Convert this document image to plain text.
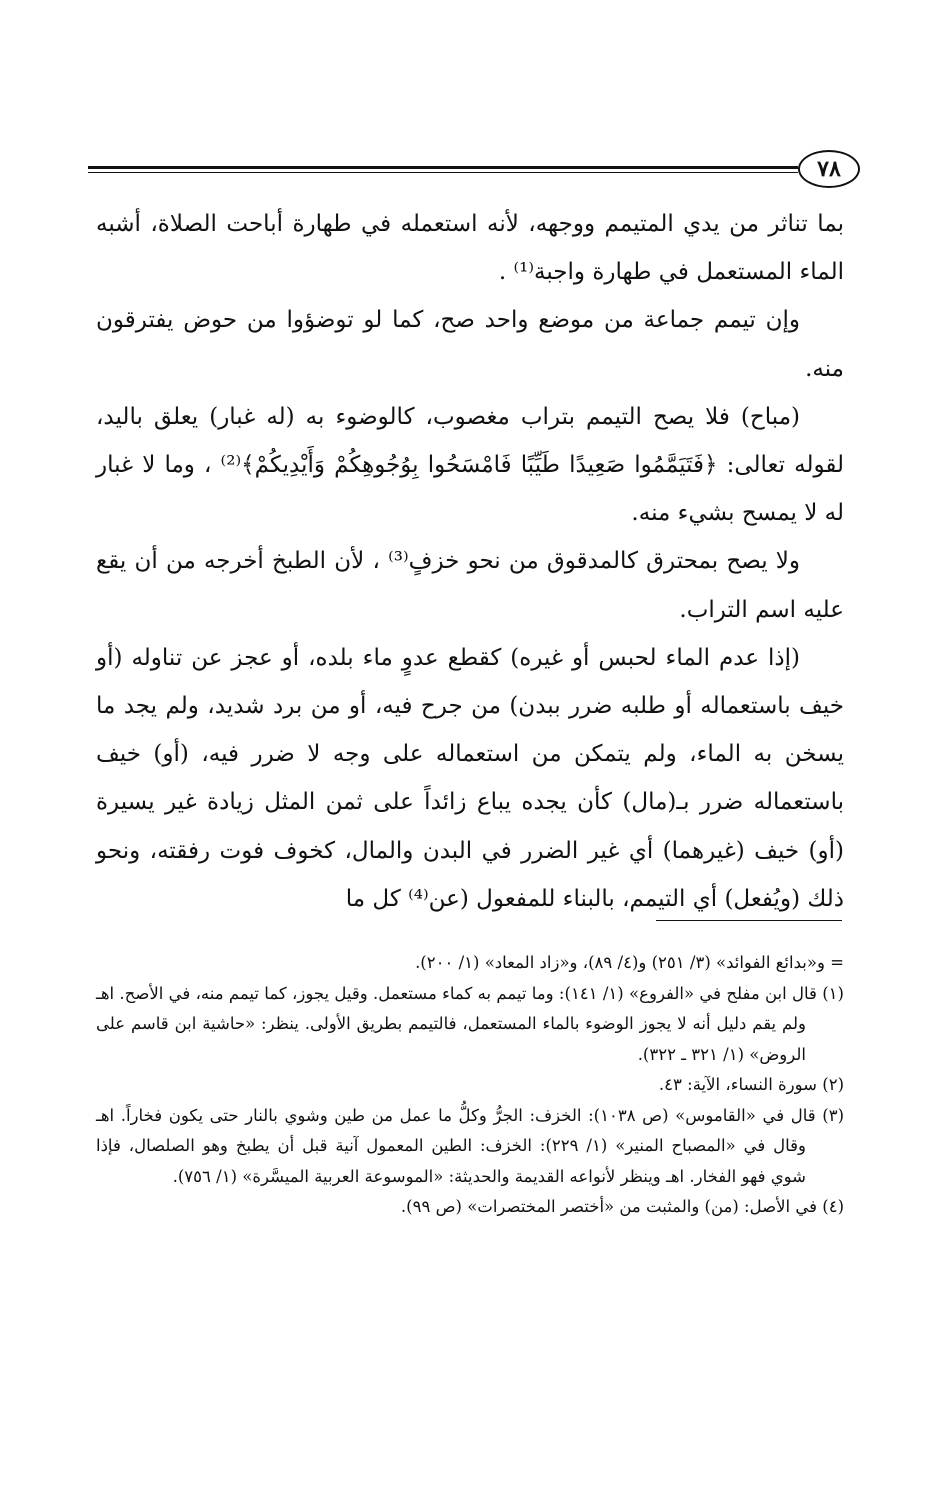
٧٨

بما تناثر من يدي المتيمم ووجهه، لأنه استعمله في طهارة أباحت الصلاة، أشبه الماء المستعمل في طهارة واجبة⁽¹⁾ .

وإن تيمم جماعة من موضع واحد صح، كما لو توضؤوا من حوض يفترقون منه.

(مباح) فلا يصح التيمم بتراب مغصوب، كالوضوء به (له غبار) يعلق باليد، لقوله تعالى: ﴿فَتَيَمَّمُوا صَعِيدًا طَيِّبًا فَامْسَحُوا بِوُجُوهِكُمْ وَأَيْدِيكُمْ﴾⁽²⁾ ، وما لا غبار له لا يمسح بشيء منه.

ولا يصح بمحترق كالمدقوق من نحو خزفٍ⁽³⁾ ، لأن الطبخ أخرجه من أن يقع عليه اسم التراب.

(إذا عدم الماء لحبس أو غيره) كقطع عدوٍ ماء بلده، أو عجز عن تناوله (أو خيف باستعماله أو طلبه ضرر ببدن) من جرح فيه، أو من برد شديد، ولم يجد ما يسخن به الماء، ولم يتمكن من استعماله على وجه لا ضرر فيه، (أو) خيف باستعماله ضرر بـ(مال) كأن يجده يباع زائداً على ثمن المثل زيادة غير يسيرة (أو) خيف (غيرهما) أي غير الضرر في البدن والمال، كخوف فوت رفقته، ونحو ذلك (ويُفعل) أي التيمم، بالبناء للمفعول (عن⁽⁴⁾ كل ما

= و«بدائع الفوائد» (٣/ ٢٥١) و(٤/ ٨٩)، و«زاد المعاد» (١/ ٢٠٠).

(١) قال ابن مفلح في «الفروع» (١/ ١٤١): وما تيمم به كماء مستعمل. وقيل يجوز، كما تيمم منه، في الأصح. اهـ ولم يقم دليل أنه لا يجوز الوضوء بالماء المستعمل، فالتيمم بطريق الأولى. ينظر: «حاشية ابن قاسم على الروض» (١/ ٣٢١ ـ ٣٢٢).

(٢) سورة النساء، الآية: ٤٣.

(٣) قال في «القاموس» (ص ١٠٣٨): الخزف: الجرُّ وكلُّ ما عمل من طين وشوي بالنار حتى يكون فخاراً. اهـ وقال في «المصباح المنير» (١/ ٢٢٩): الخزف: الطين المعمول آنية قبل أن يطبخ وهو الصلصال، فإذا شوي فهو الفخار. اهـ وينظر لأنواعه القديمة والحديثة: «الموسوعة العربية الميسَّرة» (١/ ٧٥٦).

(٤) في الأصل: (من) والمثبت من «أختصر المختصرات» (ص ٩٩).
